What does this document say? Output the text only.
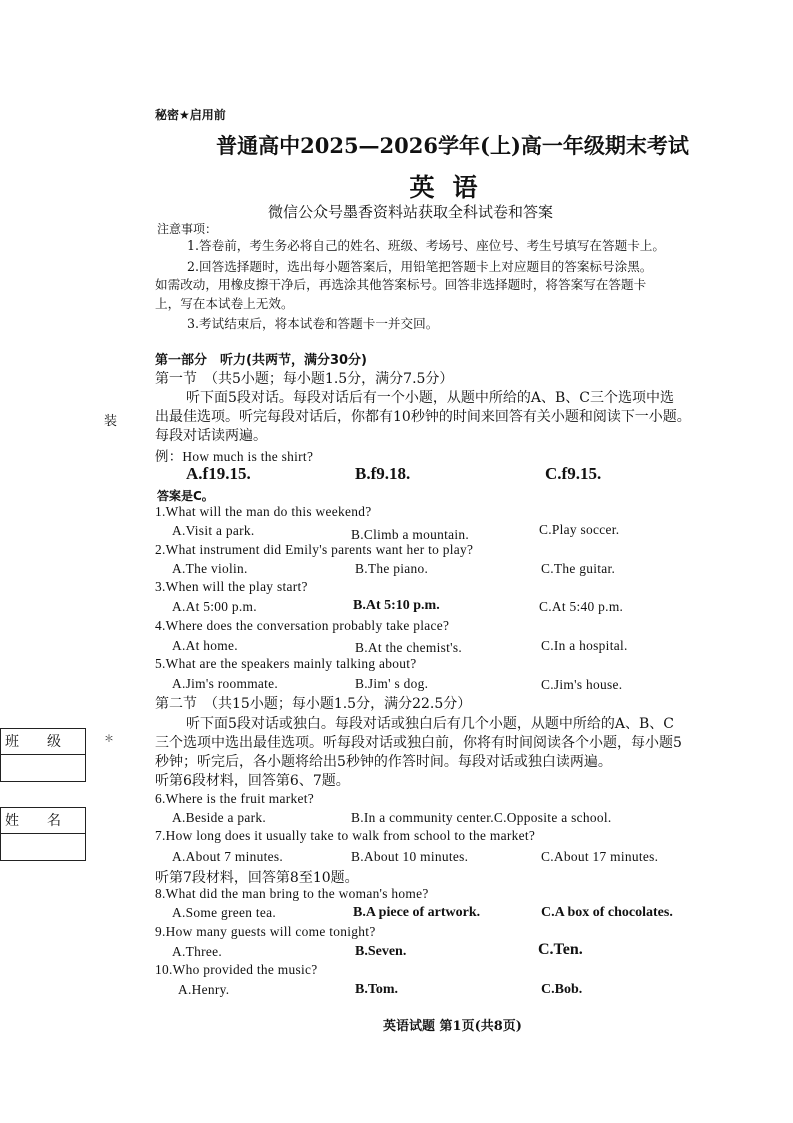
秘密★启用前
普通高中2025—2026学年(上)高一年级期末考试
英语
微信公众号墨香资料站获取全科试卷和答案
注意事项：
1.答卷前，考生务必将自己的姓名、班级、考场号、座位号、考生号填写在答题卡上。
2.回答选择题时，选出每小题答案后，用铅笔把答题卡上对应题目的答案标号涂黑。
如需改动，用橡皮擦干净后，再选涂其他答案标号。回答非选择题时，将答案写在答题卡
上，写在本试卷上无效。
3.考试结束后，将本试卷和答题卡一并交回。
装
＊
班　　级
姓　　名
第一部分　听力(共两节，满分30分)
第一节　（共5小题；每小题1.5分，满分7.5分）
听下面5段对话。每段对话后有一个小题，从题中所给的A、B、C三个选项中选
出最佳选项。听完每段对话后，你都有10秒钟的时间来回答有关小题和阅读下一小题。
每段对话读两遍。
例：How much is the shirt?
A.f19.15.	B.f9.18.	C.f9.15.
答案是C。
1.What will the man do this weekend?
A.Visit a park.	B.Climb a mountain.	C.Play soccer.
2.What instrument did Emily's parents want her to play?
A.The violin.	B.The piano.	C.The guitar.
3.When will the play start?
A.At 5:00 p.m.	B.At 5:10 p.m.	C.At 5:40 p.m.
4.Where does the conversation probably take place?
A.At home.	B.At the chemist's.	C.In a hospital.
5.What are the speakers mainly talking about?
A.Jim's roommate.	B.Jim' s dog.	C.Jim's house.
第二节　（共15小题；每小题1.5分，满分22.5分）
听下面5段对话或独白。每段对话或独白后有几个小题，从题中所给的A、B、C
三个选项中选出最佳选项。听每段对话或独白前，你将有时间阅读各个小题，每小题5
秒钟；听完后，各小题将给出5秒钟的作答时间。每段对话或独白读两遍。
听第6段材料，回答第6、7题。
6.Where is the fruit market?
A.Beside a park.	B.In a community center.C.Opposite a school.
7.How long does it usually take to walk from school to the market?
A.About 7 minutes.	B.About 10 minutes.	C.About 17 minutes.
听第7段材料，回答第8至10题。
8.What did the man bring to the woman's home?
A.Some green tea.	B.A piece of artwork.	C.A box of chocolates.
9.How many guests will come tonight?
A.Three.	B.Seven.	C.Ten.
10.Who provided the music?
A.Henry.	B.Tom.	C.Bob.
英语试题 第1页(共8页)
